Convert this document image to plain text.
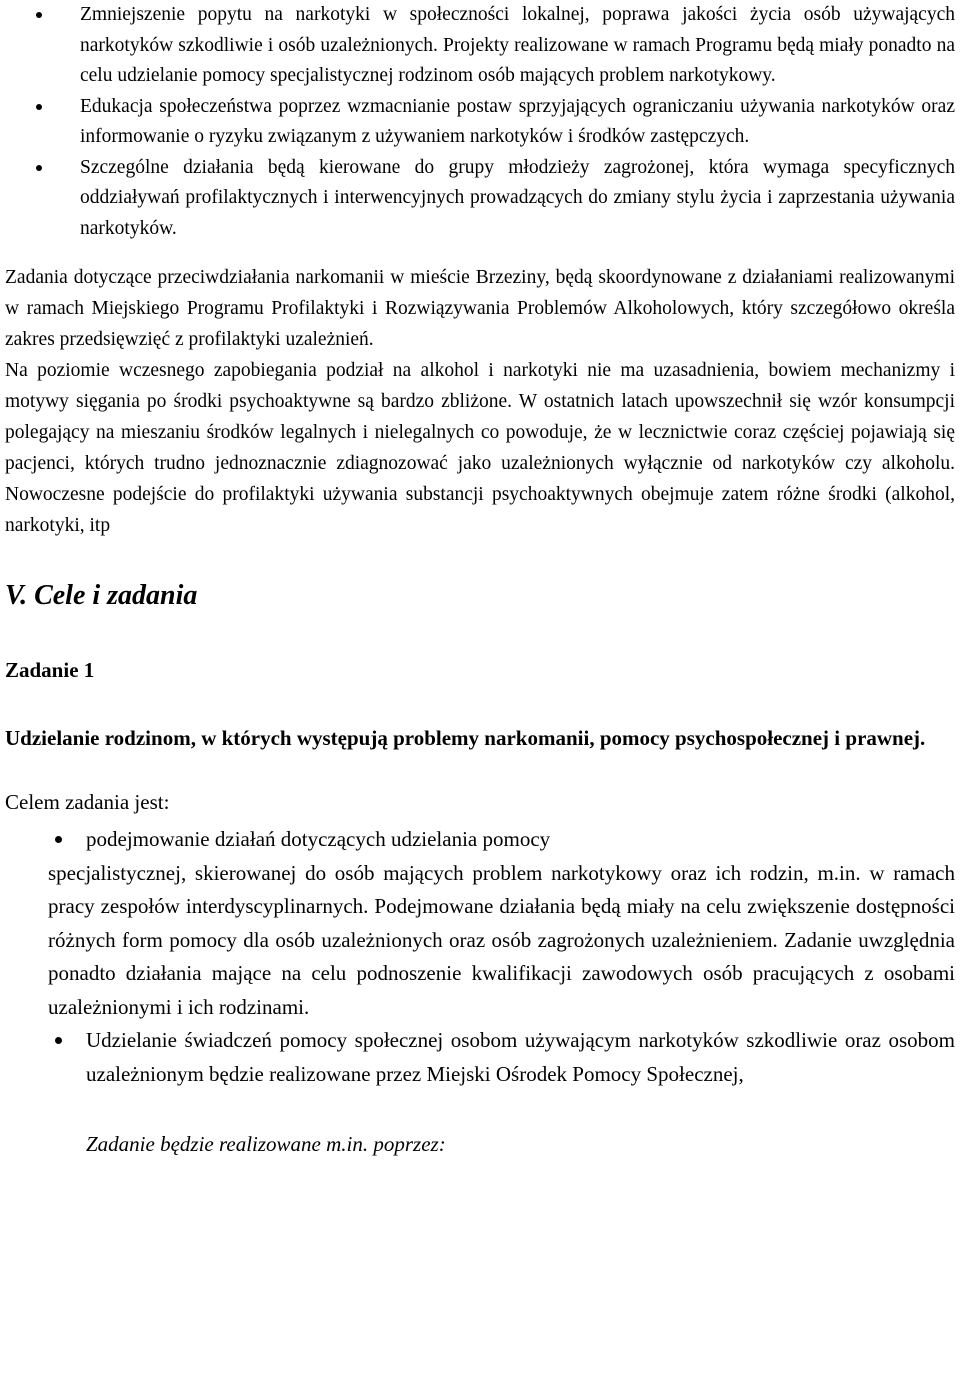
Zmniejszenie popytu na narkotyki w społeczności lokalnej, poprawa jakości życia osób używających narkotyków szkodliwie i osób uzależnionych. Projekty realizowane w ramach Programu będą miały ponadto na celu udzielanie pomocy specjalistycznej rodzinom osób mających problem narkotykowy.
Edukacja społeczeństwa poprzez wzmacnianie postaw sprzyjających ograniczaniu używania narkotyków oraz informowanie o ryzyku związanym z używaniem narkotyków i środków zastępczych.
Szczególne działania będą kierowane do grupy młodzieży zagrożonej, która wymaga specyficznych oddziaływań profilaktycznych i interwencyjnych prowadzących do zmiany stylu życia i zaprzestania używania narkotyków.

Zadania dotyczące przeciwdziałania narkomanii w mieście Brzeziny, będą skoordynowane z działaniami realizowanymi w ramach Miejskiego Programu Profilaktyki i Rozwiązywania Problemów Alkoholowych, który szczegółowo określa zakres przedsięwzięć z profilaktyki uzależnień.

Na poziomie wczesnego zapobiegania podział na alkohol i narkotyki nie ma uzasadnienia, bowiem mechanizmy i motywy sięgania po środki psychoaktywne są bardzo zbliżone. W ostatnich latach upowszechnił się wzór konsumpcji polegający na mieszaniu środków legalnych i nielegalnych co powoduje, że w lecznictwie coraz częściej pojawiają się pacjenci, których trudno jednoznacznie zdiagnozować jako uzależnionych wyłącznie od narkotyków czy alkoholu. Nowoczesne podejście do profilaktyki używania substancji psychoaktywnych obejmuje zatem różne środki (alkohol, narkotyki, itp

V. Cele i zadania
Zadanie 1

Udzielanie rodzinom, w których występują problemy narkomanii, pomocy psychospołecznej i prawnej.

Celem zadania jest:

podejmowanie działań dotyczących udzielania pomocy
specjalistycznej, skierowanej do osób mających problem narkotykowy oraz ich rodzin, m.in. w ramach pracy zespołów interdyscyplinarnych. Podejmowane działania będą miały na celu zwiększenie dostępności różnych form pomocy dla osób uzależnionych oraz osób zagrożonych uzależnieniem. Zadanie uwzględnia ponadto działania mające na celu podnoszenie kwalifikacji zawodowych osób pracujących z osobami uzależnionymi i ich rodzinami.
Udzielanie świadczeń pomocy społecznej osobom używającym narkotyków szkodliwie oraz osobom uzależnionym będzie realizowane przez Miejski Ośrodek Pomocy Społecznej,

Zadanie będzie realizowane m.in. poprzez:
